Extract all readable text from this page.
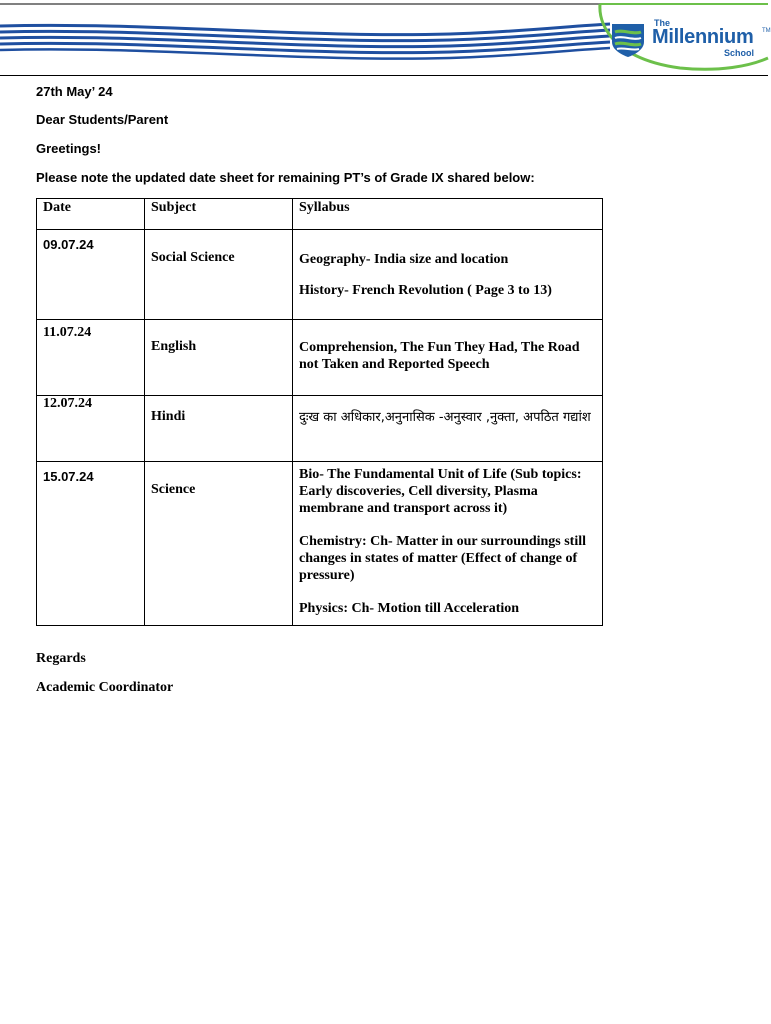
The
Millennium TM
School
27th May’ 24
Dear Students/Parent
Greetings!
Please note the updated date sheet for remaining PT’s of Grade IX shared below:
Date	Subject	Syllabus
09.07.24	Social Science	Geography- India size and location

History- French Revolution ( Page 3 to 13)

11.07.24	English	Comprehension, The Fun They Had, The Road not Taken and Reported Speech

12.07.24	Hindi	दुःख का अधिकार,अनुनासिक -अनुस्वार ,नुक्ता, अपठित गद्यांश

15.07.24	Science	Bio- The Fundamental Unit of Life (Sub topics: Early discoveries, Cell diversity, Plasma membrane and transport across it)

Chemistry: Ch- Matter in our surroundings still changes in states of matter (Effect of change of pressure)

Physics: Ch- Motion till Acceleration

Regards
Academic Coordinator
